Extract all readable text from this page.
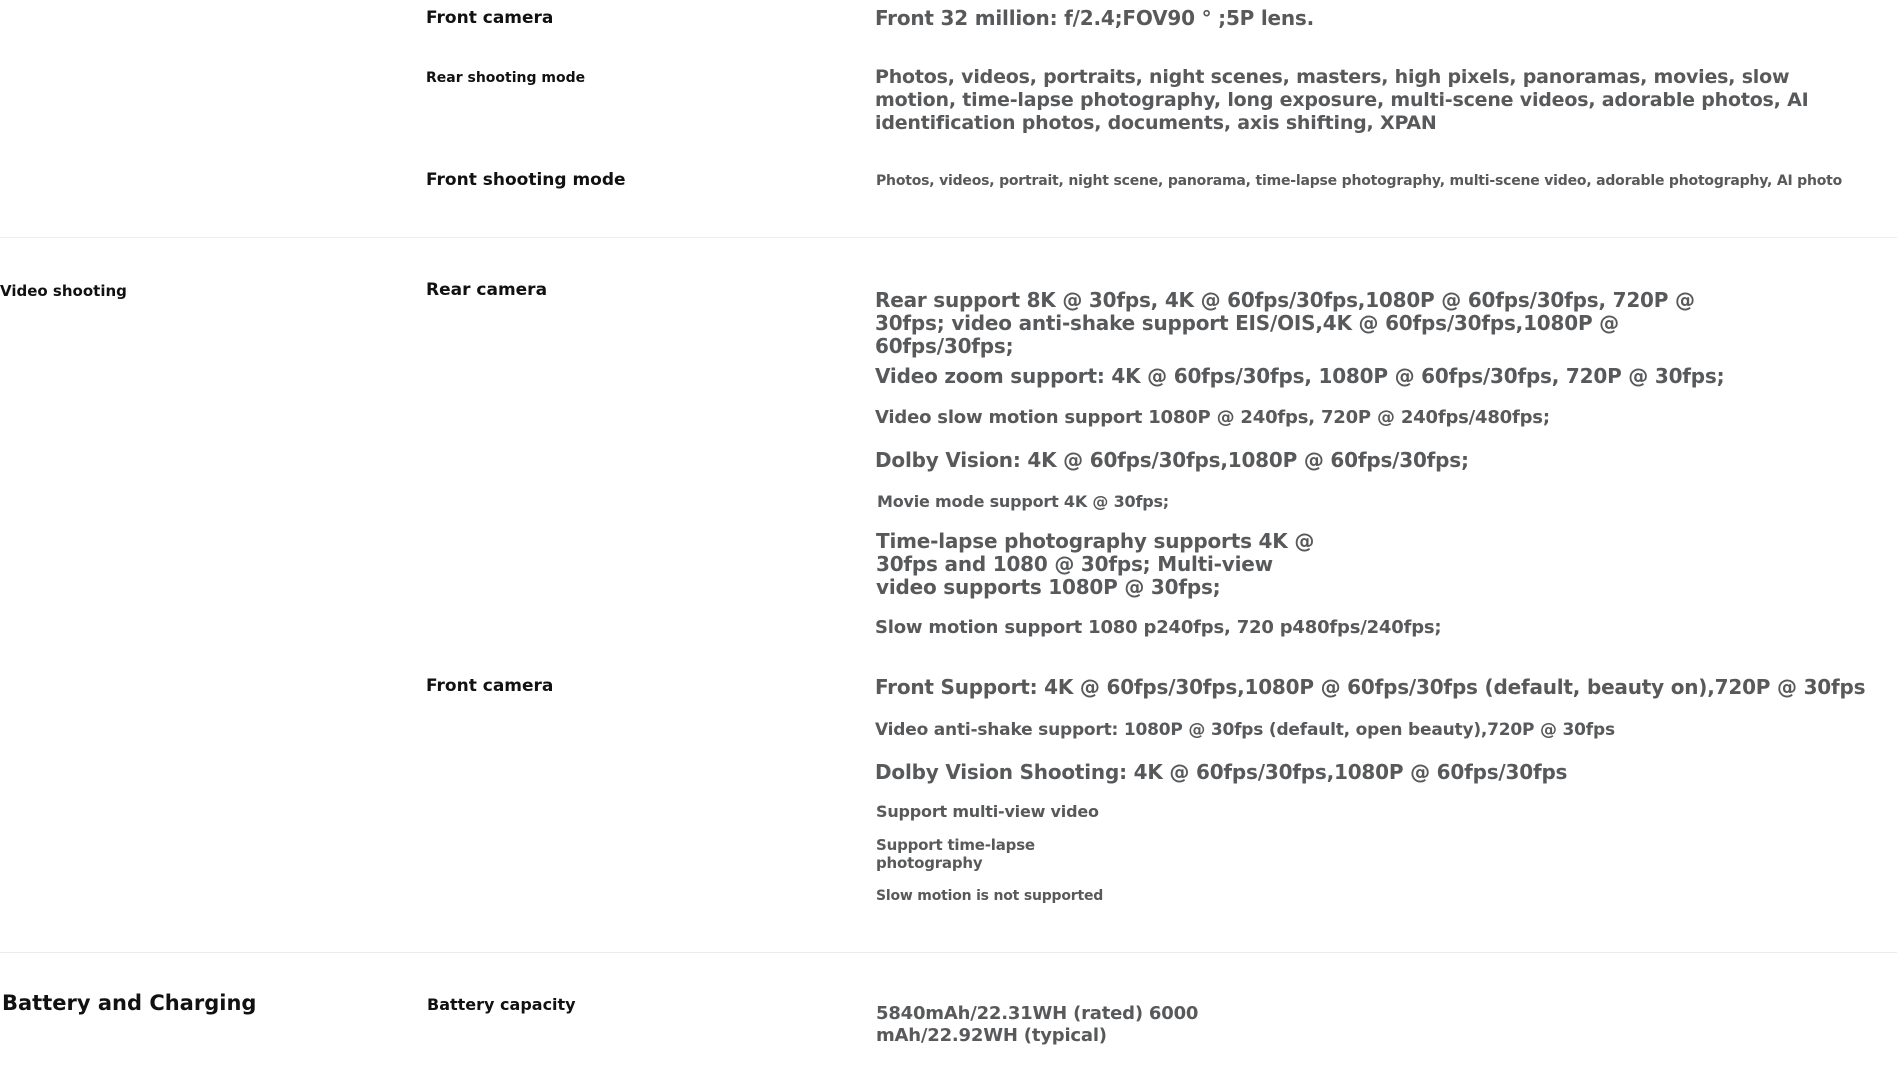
Front camera	Front 32 million: f/2.4;FOV90 ° ;5P lens.
Rear shooting mode	Photos, videos, portraits, night scenes, masters, high pixels, panoramas, movies, slow motion, time-lapse photography, long exposure, multi-scene videos, adorable photos, AI identification photos, documents, axis shifting, XPAN
Front shooting mode	Photos, videos, portrait, night scene, panorama, time-lapse photography, multi-scene video, adorable photography, AI photo
Video shooting	Rear camera	Rear support 8K @ 30fps, 4K @ 60fps/30fps,1080P @ 60fps/30fps, 720P @ 30fps; video anti-shake support EIS/OIS,4K @ 60fps/30fps,1080P @ 60fps/30fps;
Video zoom support: 4K @ 60fps/30fps, 1080P @ 60fps/30fps, 720P @ 30fps;
Video slow motion support 1080P @ 240fps, 720P @ 240fps/480fps;
Dolby Vision: 4K @ 60fps/30fps,1080P @ 60fps/30fps;
Movie mode support 4K @ 30fps;
Time-lapse photography supports 4K @ 30fps and 1080 @ 30fps; Multi-view video supports 1080P @ 30fps;
Slow motion support 1080 p240fps, 720 p480fps/240fps;
Front camera	Front Support: 4K @ 60fps/30fps,1080P @ 60fps/30fps (default, beauty on),720P @ 30fps
Video anti-shake support: 1080P @ 30fps (default, open beauty),720P @ 30fps
Dolby Vision Shooting: 4K @ 60fps/30fps,1080P @ 60fps/30fps
Support multi-view video
Support time-lapse photography
Slow motion is not supported
Battery and Charging	Battery capacity	5840mAh/22.31WH (rated) 6000 mAh/22.92WH (typical)
